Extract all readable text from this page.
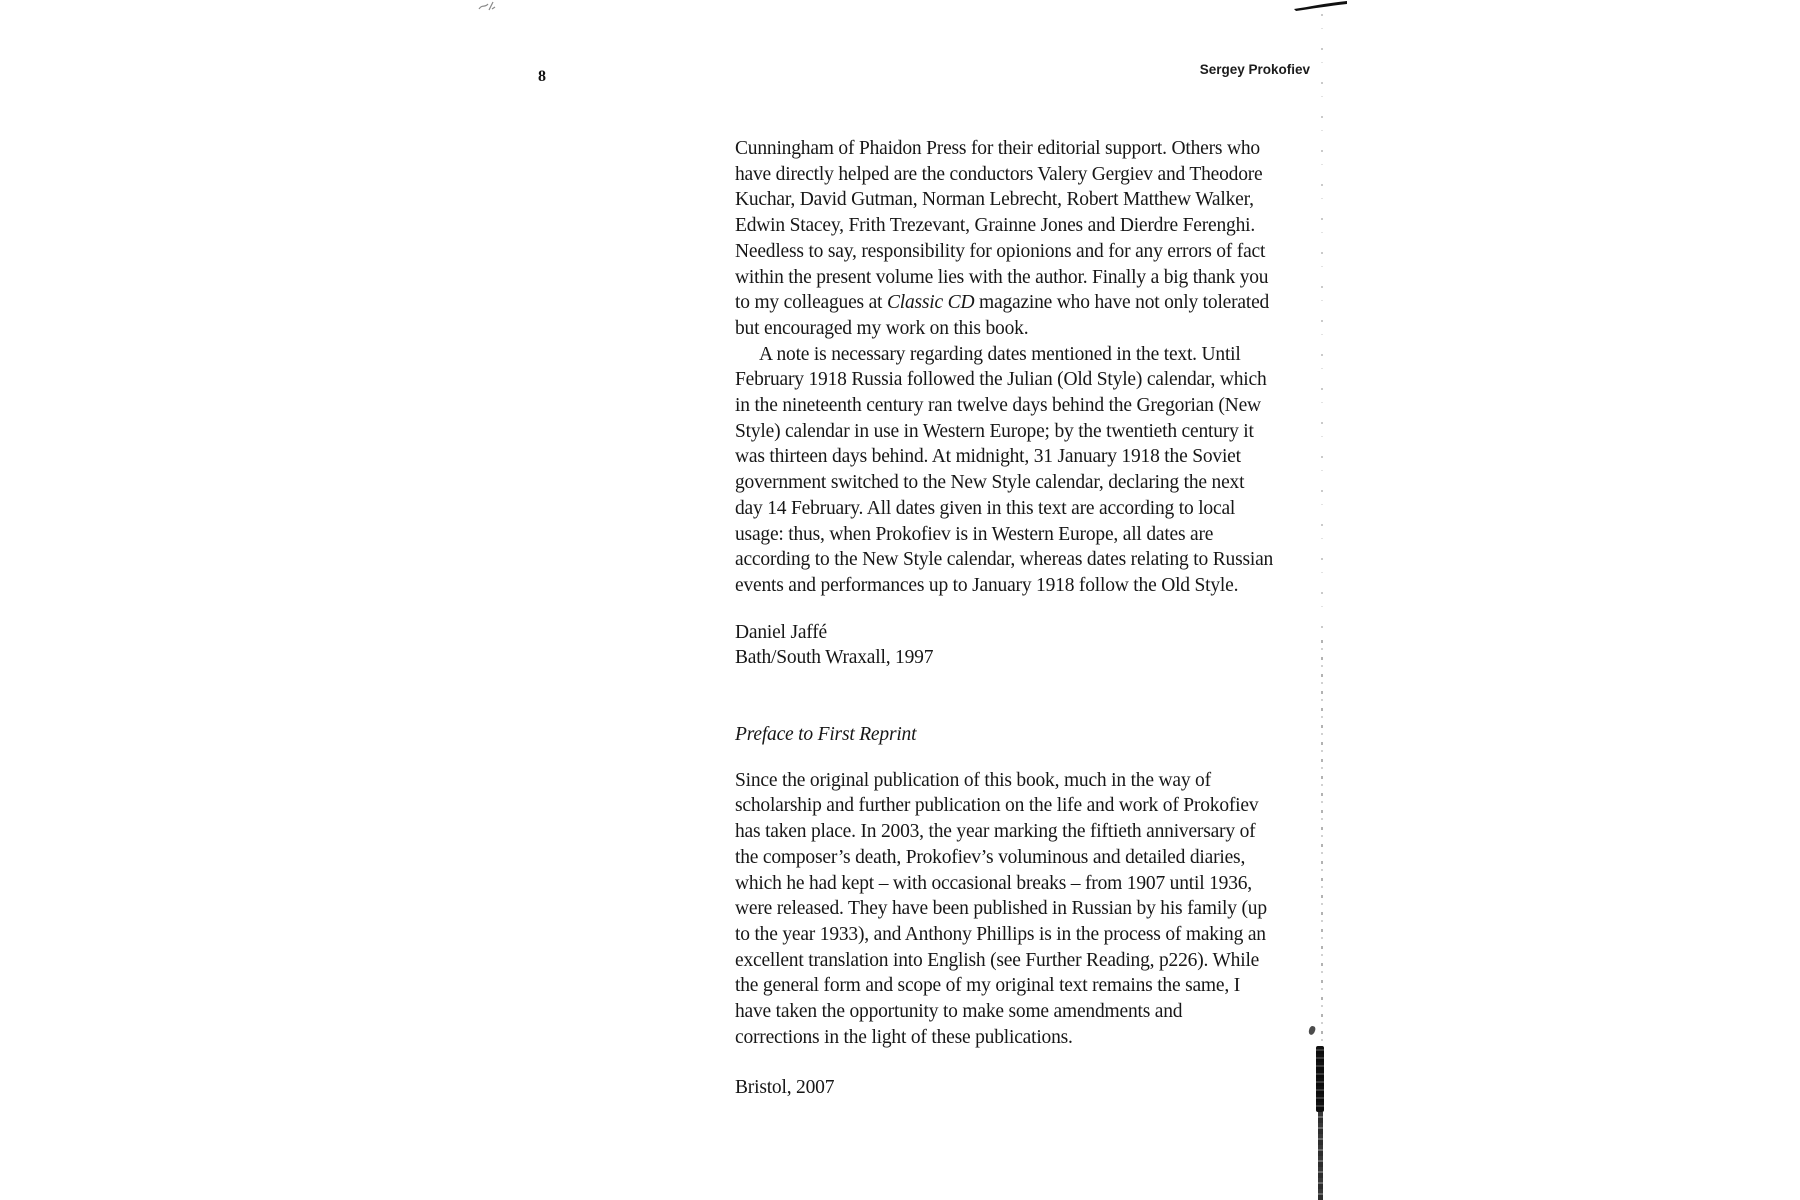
8	Sergey Prokofiev
Cunningham of Phaidon Press for their editorial support. Others who
have directly helped are the conductors Valery Gergiev and Theodore
Kuchar, David Gutman, Norman Lebrecht, Robert Matthew Walker,
Edwin Stacey, Frith Trezevant, Grainne Jones and Dierdre Ferenghi.
Needless to say, responsibility for opionions and for any errors of fact
within the present volume lies with the author. Finally a big thank you
to my colleagues at Classic CD magazine who have not only tolerated
but encouraged my work on this book.
A note is necessary regarding dates mentioned in the text. Until
February 1918 Russia followed the Julian (Old Style) calendar, which
in the nineteenth century ran twelve days behind the Gregorian (New
Style) calendar in use in Western Europe; by the twentieth century it
was thirteen days behind. At midnight, 31 January 1918 the Soviet
government switched to the New Style calendar, declaring the next
day 14 February. All dates given in this text are according to local
usage: thus, when Prokofiev is in Western Europe, all dates are
according to the New Style calendar, whereas dates relating to Russian
events and performances up to January 1918 follow the Old Style.
Daniel Jaffé
Bath/South Wraxall, 1997
Preface to First Reprint
Since the original publication of this book, much in the way of
scholarship and further publication on the life and work of Prokofiev
has taken place. In 2003, the year marking the fiftieth anniversary of
the composer’s death, Prokofiev’s voluminous and detailed diaries,
which he had kept – with occasional breaks – from 1907 until 1936,
were released. They have been published in Russian by his family (up
to the year 1933), and Anthony Phillips is in the process of making an
excellent translation into English (see Further Reading, p226). While
the general form and scope of my original text remains the same, I
have taken the opportunity to make some amendments and
corrections in the light of these publications.
Bristol, 2007
